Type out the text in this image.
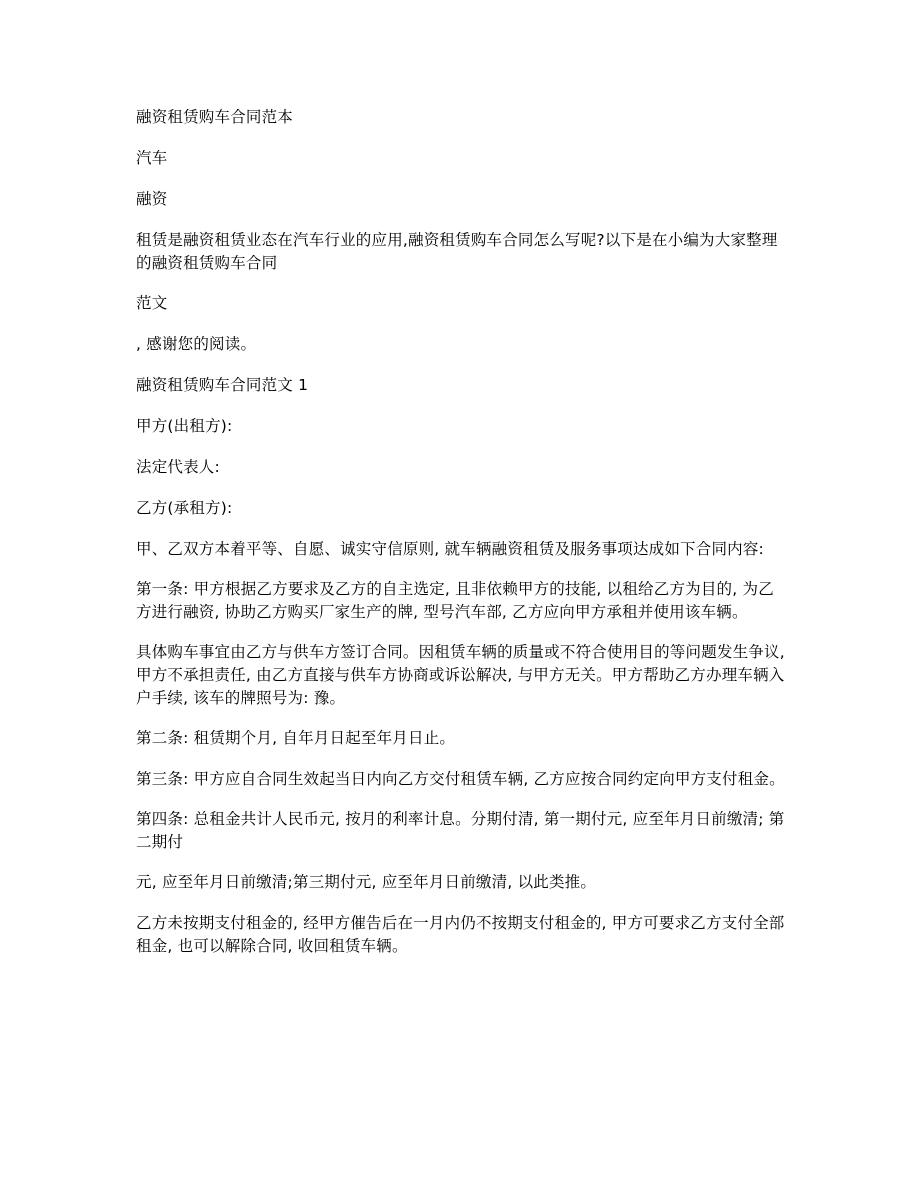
融资租赁购车合同范本

汽车

融资

租赁是融资租赁业态在汽车行业的应用,融资租赁购车合同怎么写呢?以下是在小编为大家整理的融资租赁购车合同

范文

, 感谢您的阅读。

融资租赁购车合同范文 1

甲方(出租方):

法定代表人:

乙方(承租方):

甲、乙双方本着平等、自愿、诚实守信原则, 就车辆融资租赁及服务事项达成如下合同内容:

第一条: 甲方根据乙方要求及乙方的自主选定, 且非依赖甲方的技能, 以租给乙方为目的, 为乙方进行融资, 协助乙方购买厂家生产的牌, 型号汽车部, 乙方应向甲方承租并使用该车辆。

具体购车事宜由乙方与供车方签订合同。因租赁车辆的质量或不符合使用目的等问题发生争议, 甲方不承担责任, 由乙方直接与供车方协商或诉讼解决, 与甲方无关。甲方帮助乙方办理车辆入户手续, 该车的牌照号为: 豫。

第二条: 租赁期个月, 自年月日起至年月日止。

第三条: 甲方应自合同生效起当日内向乙方交付租赁车辆, 乙方应按合同约定向甲方支付租金。

第四条: 总租金共计人民币元, 按月的利率计息。分期付清, 第一期付元, 应至年月日前缴清; 第二期付

元, 应至年月日前缴清;第三期付元, 应至年月日前缴清, 以此类推。

乙方未按期支付租金的, 经甲方催告后在一月内仍不按期支付租金的, 甲方可要求乙方支付全部租金, 也可以解除合同, 收回租赁车辆。
